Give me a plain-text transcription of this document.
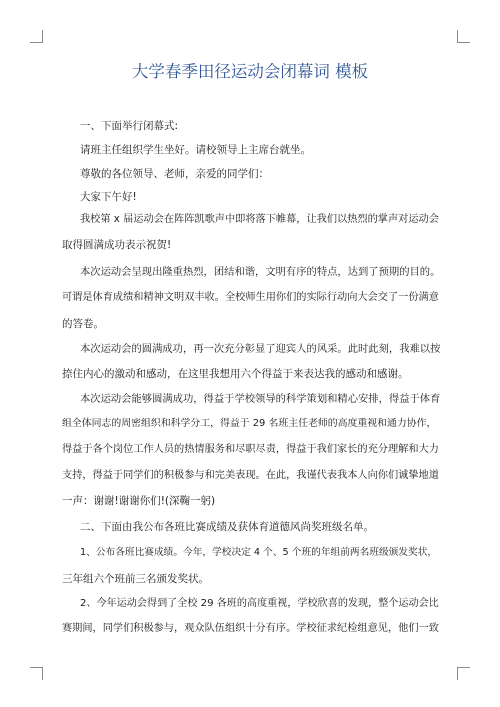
大学春季田径运动会闭幕词 模板

一、下面举行闭幕式:

请班主任组织学生坐好。请校领导上主席台就坐。

尊敬的各位领导、老师，亲爱的同学们：

大家下午好!

我校第 x 届运动会在阵阵凯歌声中即将落下帷幕，让我们以热烈的掌声对运动会

取得圆满成功表示祝贺!

本次运动会呈现出隆重热烈，团结和谐，文明有序的特点，达到了预期的目的。

可谓是体育成绩和精神文明双丰收。全校师生用你们的实际行动向大会交了一份满意

的答卷。

本次运动会的圆满成功，再一次充分彰显了迎宾人的风采。此时此刻，我难以按

捺住内心的激动和感动，在这里我想用六个得益于来表达我的感动和感谢。

本次运动会能够圆满成功，得益于学校领导的科学策划和精心安排，得益于体育

组全体同志的周密组织和科学分工，得益于 29 名班主任老师的高度重视和通力协作，

得益于各个岗位工作人员的热情服务和尽职尽责，得益于我们家长的充分理解和大力

支持，得益于同学们的积极参与和完美表现。在此，我谨代表我本人向你们诚挚地道

一声：谢谢!谢谢你们!(深鞠一躬)

二、下面由我公布各班比赛成绩及获体育道德风尚奖班级名单。

1、公布各班比赛成绩。今年，学校决定 4 个、5 个班的年组前两名班级颁发奖状，

三年组六个班前三名颁发奖状。

2、今年运动会得到了全校 29 各班的高度重视，学校欣喜的发现，整个运动会比

赛期间，同学们积极参与，观众队伍组织十分有序。学校征求纪检组意见，他们一致
